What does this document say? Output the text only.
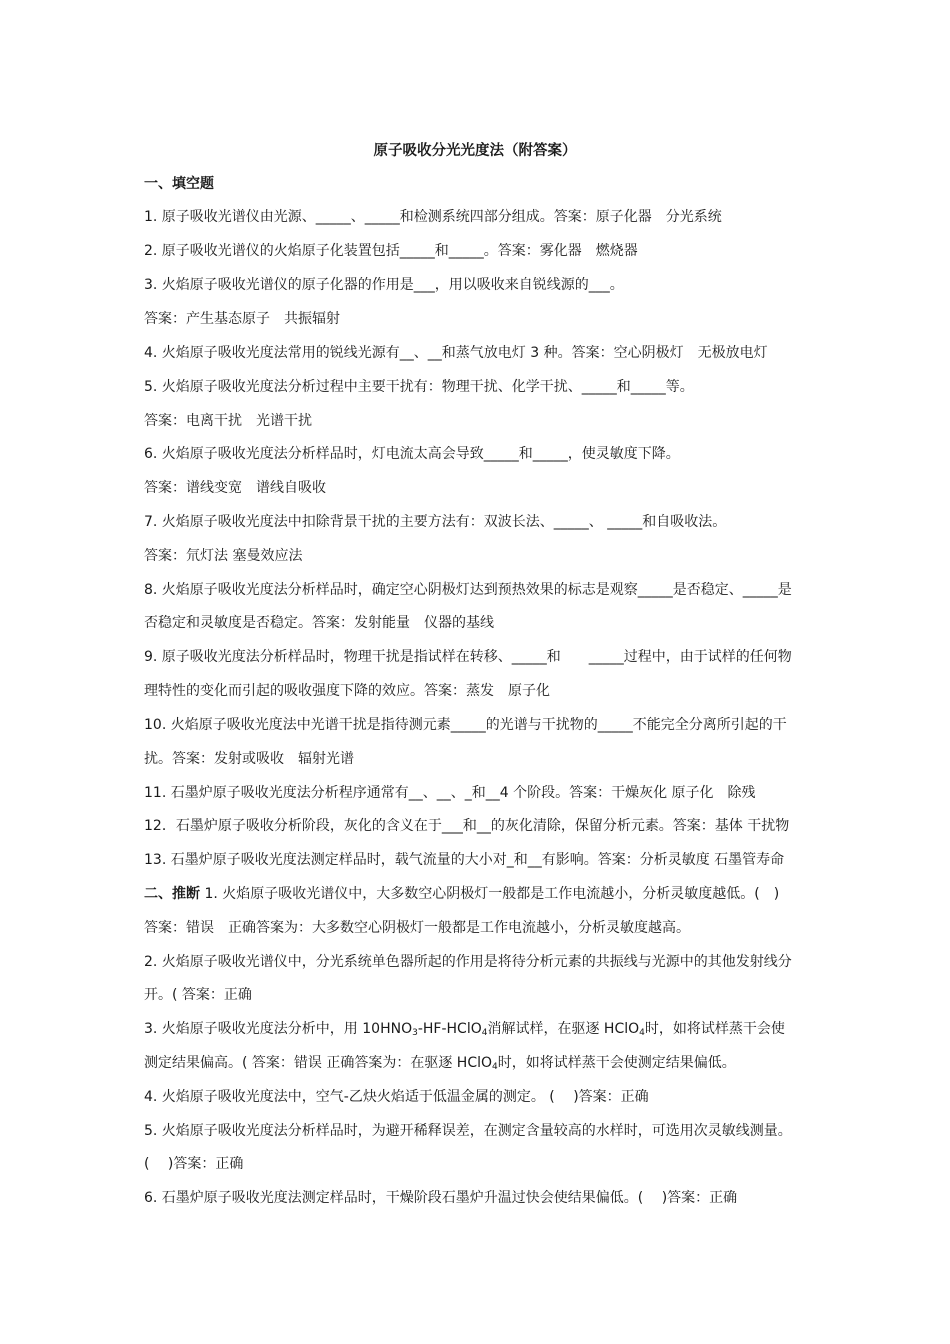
原子吸收分光光度法（附答案）
一、填空题
1. 原子吸收光谱仪由光源、_____、_____和检测系统四部分组成。答案：原子化器　分光系统
2. 原子吸收光谱仪的火焰原子化装置包括_____和_____。答案：雾化器　燃烧器
3. 火焰原子吸收光谱仪的原子化器的作用是___，用以吸收来自锐线源的___。
答案：产生基态原子　共振辐射
4. 火焰原子吸收光度法常用的锐线光源有__、__和蒸气放电灯 3 种。答案：空心阴极灯　无极放电灯
5. 火焰原子吸收光度法分析过程中主要干扰有：物理干扰、化学干扰、_____和_____等。
答案：电离干扰　光谱干扰
6. 火焰原子吸收光度法分析样品时，灯电流太高会导致_____和_____，使灵敏度下降。
答案：谱线变宽　谱线自吸收
7. 火焰原子吸收光度法中扣除背景干扰的主要方法有：双波长法、_____、 _____和自吸收法。
答案：氘灯法 塞曼效应法
8. 火焰原子吸收光度法分析样品时，确定空心阴极灯达到预热效果的标志是观察_____是否稳定、_____是
否稳定和灵敏度是否稳定。答案：发射能量　仪器的基线
9. 原子吸收光度法分析样品时，物理干扰是指试样在转移、_____和　　_____过程中，由于试样的任何物
理特性的变化而引起的吸收强度下降的效应。答案：蒸发　原子化
10. 火焰原子吸收光度法中光谱干扰是指待测元素_____的光谱与干扰物的_____不能完全分离所引起的干
扰。答案：发射或吸收　辐射光谱
11. 石墨炉原子吸收光度法分析程序通常有__、__、_和__4 个阶段。答案：干燥灰化 原子化　除残
12．石墨炉原子吸收分析阶段，灰化的含义在于___和__的灰化清除，保留分析元素。答案：基体 干扰物
13. 石墨炉原子吸收光度法测定样品时，载气流量的大小对_和__有影响。答案：分析灵敏度 石墨管寿命
二、推断 1. 火焰原子吸收光谱仪中，大多数空心阴极灯一般都是工作电流越小，分析灵敏度越低。(　)
答案：错误　正确答案为：大多数空心阴极灯一般都是工作电流越小，分析灵敏度越高。
2. 火焰原子吸收光谱仪中，分光系统单色器所起的作用是将待分析元素的共振线与光源中的其他发射线分
开。( 答案：正确
3. 火焰原子吸收光度法分析中，用 $10HNO_3-HF-HClO_4$消解试样，在驱逐 HClO$_4$时，如将试样蒸干会使
测定结果偏高。( 答案：错误 正确答案为：在驱逐 HClO$_4$时，如将试样蒸干会使测定结果偏低。
4. 火焰原子吸收光度法中，空气-乙炔火焰适于低温金属的测定。 (　 )答案：正确
5. 火焰原子吸收光度法分析样品时，为避开稀释误差，在测定含量较高的水样时，可选用次灵敏线测量。
(　 )答案：正确
6. 石墨炉原子吸收光度法测定样品时，干燥阶段石墨炉升温过快会使结果偏低。(　 )答案：正确
